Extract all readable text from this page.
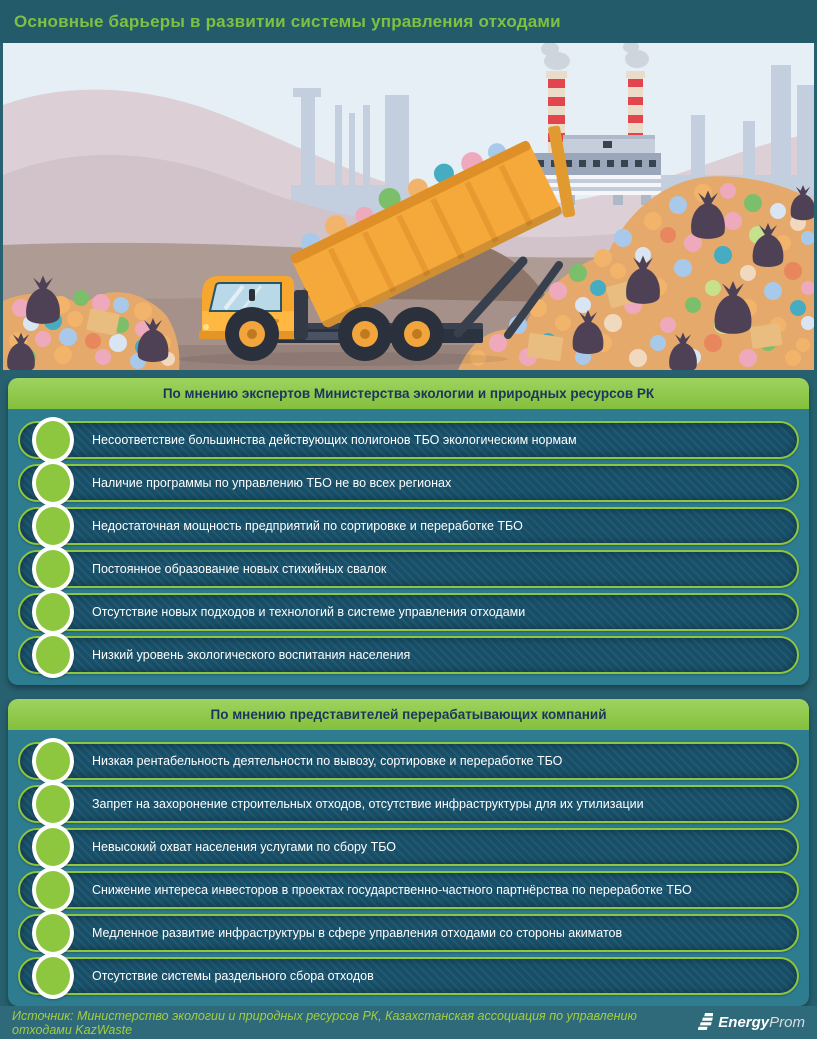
Основные барьеры в развитии системы управления отходами
По мнению экспертов Министерства экологии и природных ресурсов РК
Несоответствие большинства действующих полигонов ТБО экологическим нормам
Наличие программы по управлению ТБО не во всех регионах
Недостаточная мощность предприятий по сортировке и переработке ТБО
Постоянное образование новых стихийных свалок
Отсутствие новых подходов и технологий в системе управления отходами
Низкий уровень экологического воспитания населения
По мнению представителей перерабатывающих компаний
Низкая рентабельность деятельности по вывозу, сортировке и переработке ТБО
Запрет на захоронение строительных отходов, отсутствие инфраструктуры для их утилизации
Невысокий охват населения услугами по сбору ТБО
Снижение интереса инвесторов в проектах государственно-частного партнёрства по переработке ТБО
Медленное развитие инфраструктуры в сфере управления отходами со стороны акиматов
Отсутствие системы раздельного сбора отходов
Источник: Министерство экологии и природных ресурсов РК, Казахстанская ассоциация по управлению отходами KazWaste	EnergyProm
